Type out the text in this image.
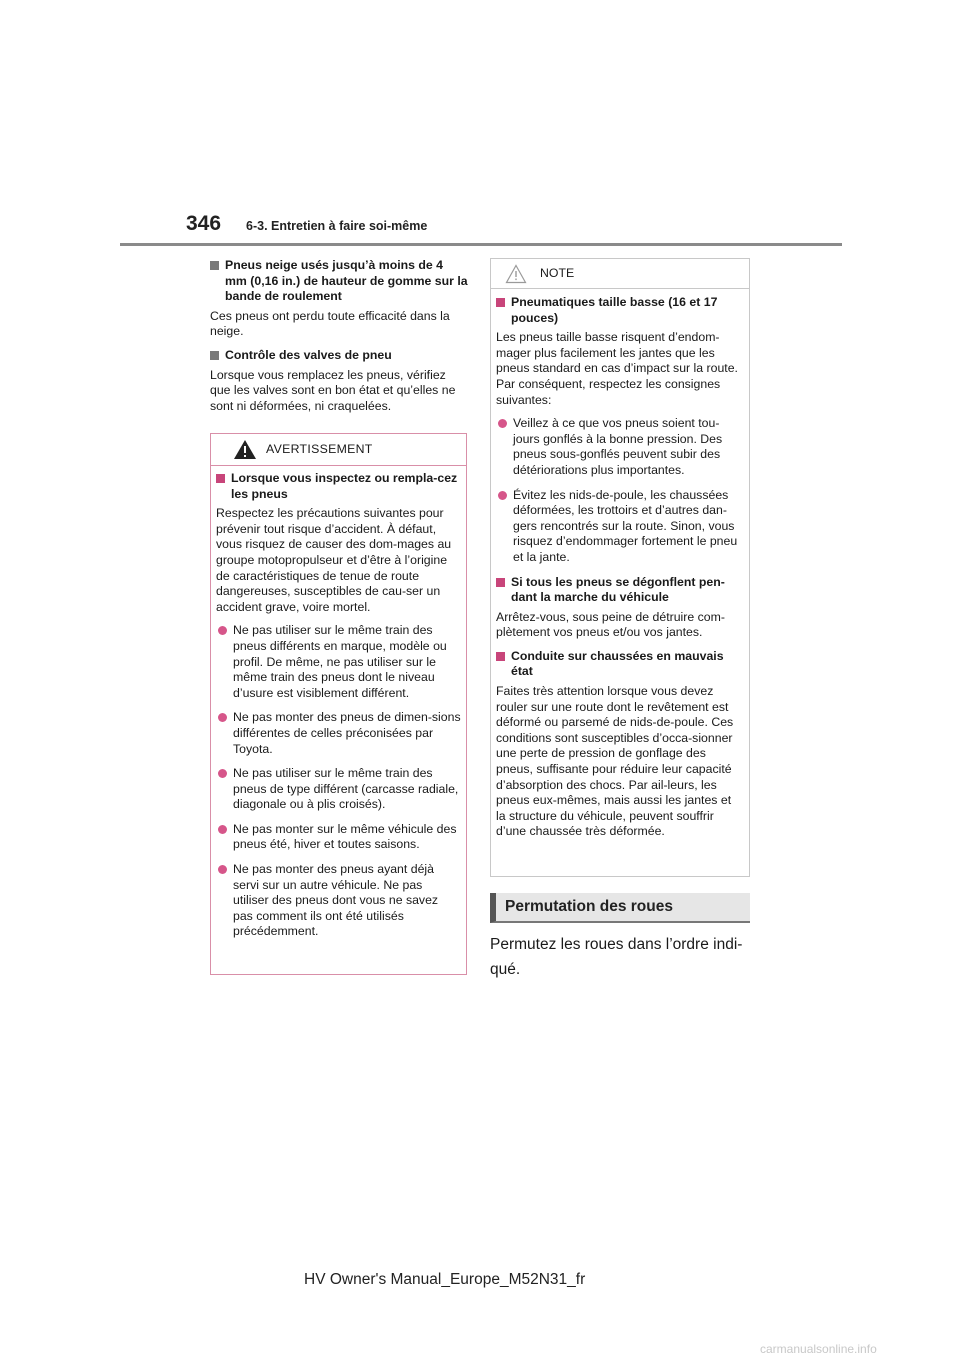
346 6-3. Entretien à faire soi-même
Pneus neige usés jusqu’à moins de 4 mm (0,16 in.) de hauteur de gomme sur la bande de roulement
Ces pneus ont perdu toute efficacité dans la neige.
Contrôle des valves de pneu
Lorsque vous remplacez les pneus, vérifiez que les valves sont en bon état et qu’elles ne sont ni déformées, ni craquelées.
AVERTISSEMENT
Lorsque vous inspectez ou rempla-cez les pneus
Respectez les précautions suivantes pour prévenir tout risque d’accident. À défaut, vous risquez de causer des dom-mages au groupe motopropulseur et d’être à l’origine de caractéristiques de tenue de route dangereuses, susceptibles de cau-ser un accident grave, voire mortel.
Ne pas utiliser sur le même train des pneus différents en marque, modèle ou profil. De même, ne pas utiliser sur le même train des pneus dont le niveau d’usure est visiblement différent.
Ne pas monter des pneus de dimen-sions différentes de celles préconisées par Toyota.
Ne pas utiliser sur le même train des pneus de type différent (carcasse radiale, diagonale ou à plis croisés).
Ne pas monter sur le même véhicule des pneus été, hiver et toutes saisons.
Ne pas monter des pneus ayant déjà servi sur un autre véhicule. Ne pas utiliser des pneus dont vous ne savez pas comment ils ont été utilisés précédemment.
NOTE
Pneumatiques taille basse (16 et 17 pouces)
Les pneus taille basse risquent d’endom-mager plus facilement les jantes que les pneus standard en cas d’impact sur la route. Par conséquent, respectez les consignes suivantes:
Veillez à ce que vos pneus soient tou-jours gonflés à la bonne pression. Des pneus sous-gonflés peuvent subir des détériorations plus importantes.
Évitez les nids-de-poule, les chaussées déformées, les trottoirs et d’autres dan-gers rencontrés sur la route. Sinon, vous risquez d’endommager fortement le pneu et la jante.
Si tous les pneus se dégonflent pen-dant la marche du véhicule
Arrêtez-vous, sous peine de détruire com-plètement vos pneus et/ou vos jantes.
Conduite sur chaussées en mauvais état
Faites très attention lorsque vous devez rouler sur une route dont le revêtement est déformé ou parsemé de nids-de-poule. Ces conditions sont susceptibles d’occa-sionner une perte de pression de gonflage des pneus, suffisante pour réduire leur capacité d’absorption des chocs. Par ail-leurs, les pneus eux-mêmes, mais aussi les jantes et la structure du véhicule, peuvent souffrir d’une chaussée très déformée.
Permutation des roues
Permutez les roues dans l’ordre indi-qué.
HV Owner's Manual_Europe_M52N31_fr
carmanualsonline.info
